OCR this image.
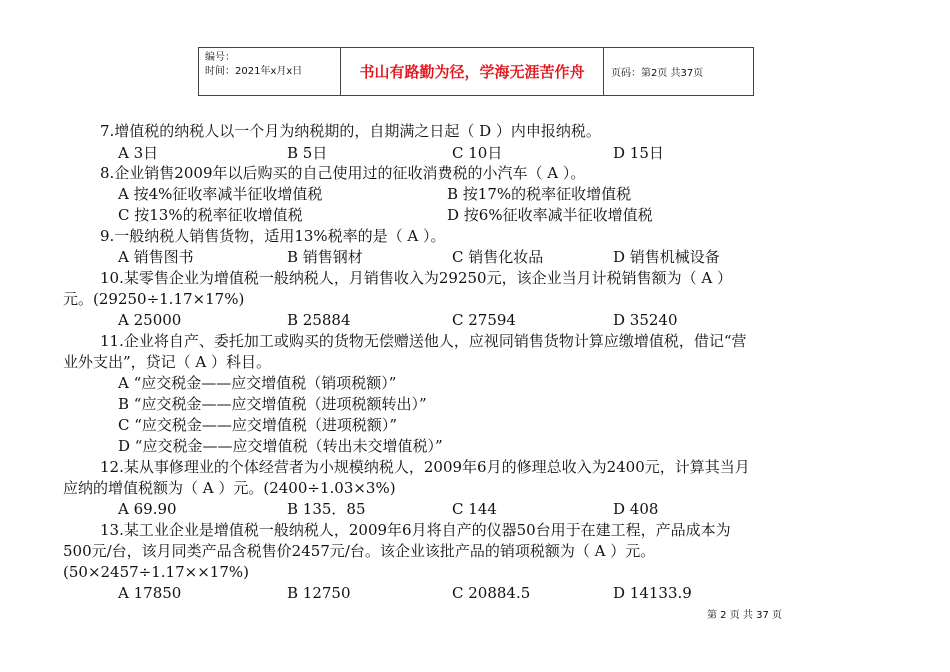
编号：
时间：2021年x月x日	书山有路勤为径，学海无涯苦作舟	页码：第2页 共37页
7.增值税的纳税人以一个月为纳税期的，自期满之日起（ D ）内申报纳税。
A 3日	B 5日	C 10日	D 15日
8.企业销售2009年以后购买的自己使用过的征收消费税的小汽车（ A ）。
A 按4%征收率减半征收增值税	B 按17%的税率征收增值税
C 按13%的税率征收增值税	D 按6%征收率减半征收增值税
9.一般纳税人销售货物，适用13%税率的是（ A ）。
A 销售图书	B 销售钢材	C 销售化妆品	D 销售机械设备
10.某零售企业为增值税一般纳税人，月销售收入为29250元，该企业当月计税销售额为（ A ）
元。(29250÷1.17×17%)
A 25000	B 25884	C 27594	D 35240
11.企业将自产、委托加工或购买的货物无偿赠送他人，应视同销售货物计算应缴增值税，借记“营
业外支出”，贷记（ A ）科目。
A “应交税金——应交增值税（销项税额）”
B “应交税金——应交增值税（进项税额转出）”
C “应交税金——应交增值税（进项税额）”
D “应交税金——应交增值税（转出未交增值税）”
12.某从事修理业的个体经营者为小规模纳税人，2009年6月的修理总收入为2400元，计算其当月
应纳的增值税额为（ A ）元。(2400÷1.03×3%)
A 69.90	B 135．85	C 144	D 408
13.某工业企业是增值税一般纳税人，2009年6月将自产的仪器50台用于在建工程，产品成本为
500元/台，该月同类产品含税售价2457元/台。该企业该批产品的销项税额为（ A ）元。
(50×2457÷1.17××17%)
A 17850	B 12750	C 20884.5	D 14133.9
第 2 页 共 37 页
